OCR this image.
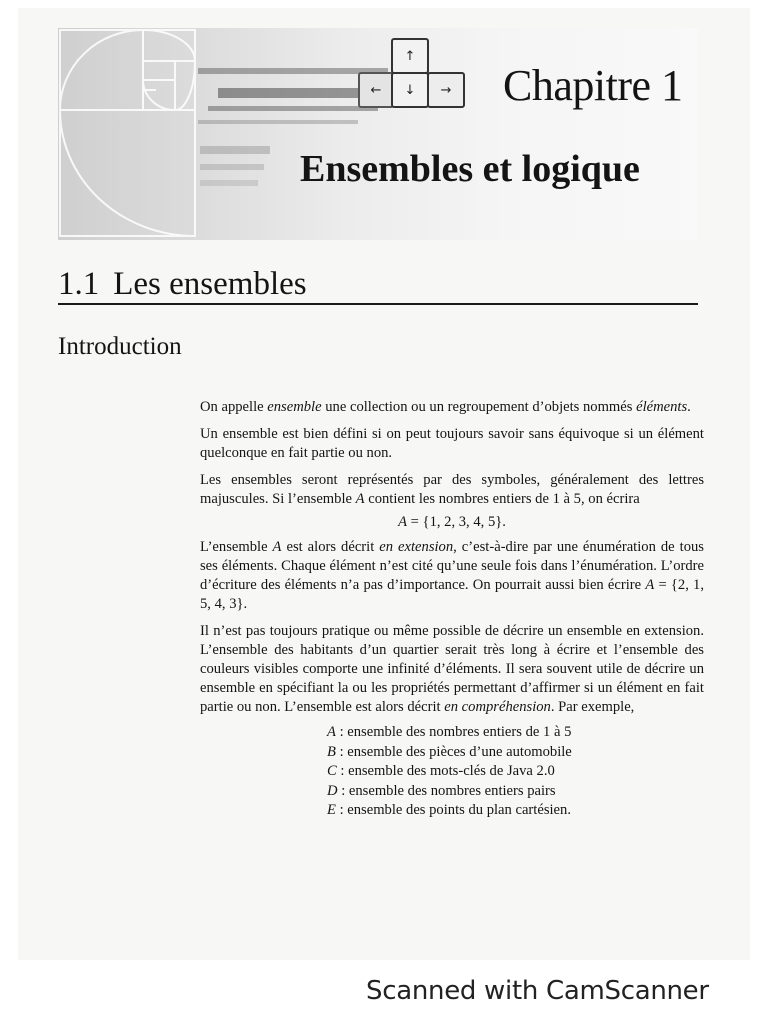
↑
← ↓ → Chapitre 1
Ensembles et logique
1.1 Les ensembles
Introduction

On appelle ensemble une collection ou un regroupement d’objets nommés éléments.

Un ensemble est bien défini si on peut toujours savoir sans équivoque si un élément quelconque en fait partie ou non.

Les ensembles seront représentés par des symboles, généralement des lettres majuscules. Si l’ensemble A contient les nombres entiers de 1 à 5, on écrira

A = {1, 2, 3, 4, 5}.

L’ensemble A est alors décrit en extension, c’est-à-dire par une énumération de tous ses éléments. Chaque élément n’est cité qu’une seule fois dans l’énumération. L’ordre d’écriture des éléments n’a pas d’importance. On pourrait aussi bien écrire A = {2, 1, 5, 4, 3}.

Il n’est pas toujours pratique ou même possible de décrire un ensemble en extension. L’ensemble des habitants d’un quartier serait très long à écrire et l’ensemble des couleurs visibles comporte une infinité d’éléments. Il sera souvent utile de décrire un ensemble en spécifiant la ou les propriétés permettant d’affirmer si un élément en fait partie ou non. L’ensemble est alors décrit en compréhension. Par exemple,

A : ensemble des nombres entiers de 1 à 5
B : ensemble des pièces d’une automobile
C : ensemble des mots-clés de Java 2.0
D : ensemble des nombres entiers pairs
E : ensemble des points du plan cartésien.
Scanned with CamScanner
